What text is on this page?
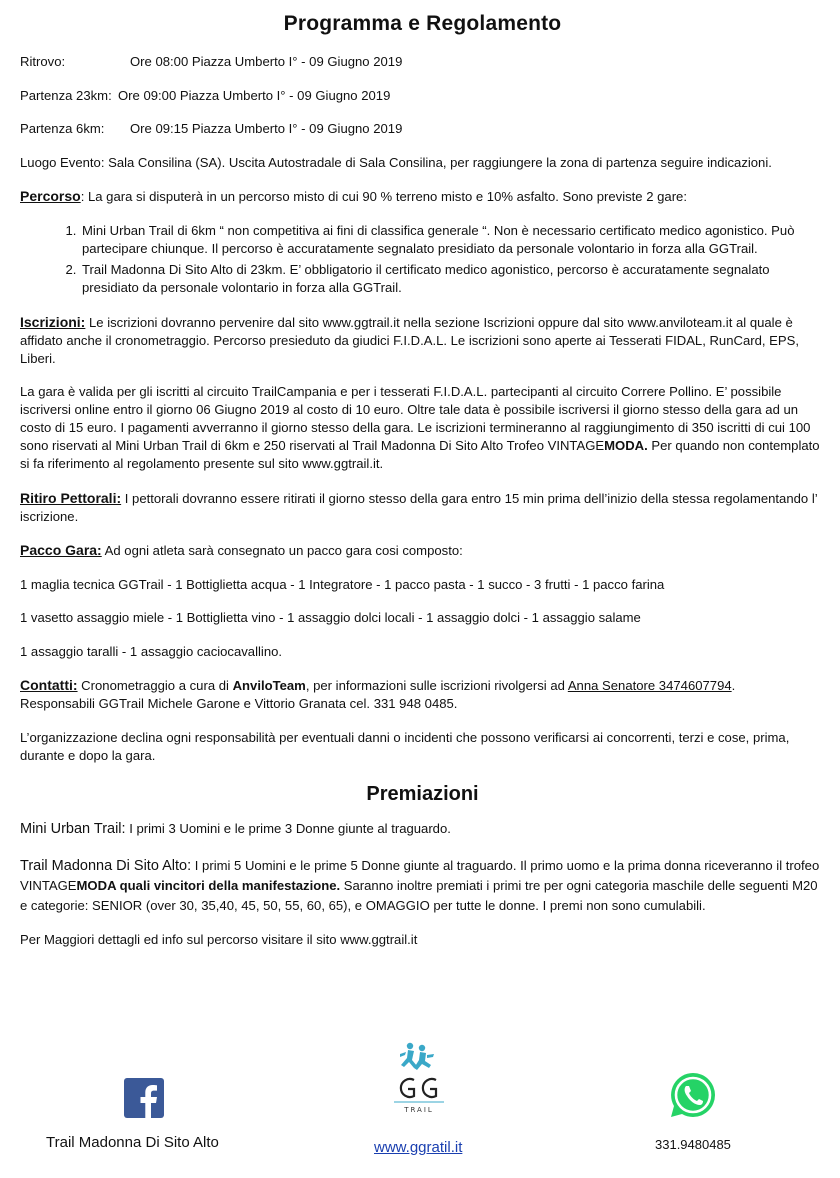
Programma e Regolamento
Ritrovo:	Ore 08:00 Piazza Umberto I° - 09 Giugno 2019
Partenza 23km: Ore 09:00 Piazza Umberto I° - 09 Giugno 2019
Partenza 6km:	Ore 09:15 Piazza Umberto I° - 09 Giugno 2019

Luogo Evento: Sala Consilina (SA). Uscita Autostradale di Sala Consilina, per raggiungere la zona di partenza seguire indicazioni.

Percorso: La gara si disputerà in un percorso misto di cui 90 % terreno misto e 10% asfalto. Sono previste 2 gare:

1. Mini Urban Trail di 6km “ non competitiva ai fini di classifica generale “. Non è necessario certificato medico agonistico. Può partecipare chiunque. Il percorso è accuratamente segnalato presidiato da personale volontario in forza alla GGTrail.
2. Trail Madonna Di Sito Alto di 23km. E’ obbligatorio il certificato medico agonistico, percorso è accuratamente segnalato presidiato da personale volontario in forza alla GGTrail.

Iscrizioni: Le iscrizioni dovranno pervenire dal sito www.ggtrail.it nella sezione Iscrizioni oppure dal sito www.anviloteam.it al quale è affidato anche il cronometraggio. Percorso presieduto da giudici F.I.D.A.L. Le iscrizioni sono aperte ai Tesserati FIDAL, RunCard, EPS, Liberi.

La gara è valida per gli iscritti al circuito TrailCampania e per i tesserati F.I.D.A.L. partecipanti al circuito Correre Pollino. E’ possibile iscriversi online entro il giorno 06 Giugno 2019 al costo di 10 euro. Oltre tale data è possibile iscriversi il giorno stesso della gara ad un costo di 15 euro. I pagamenti avverranno il giorno stesso della gara. Le iscrizioni termineranno al raggiungimento di 350 iscritti di cui 100 sono riservati al Mini Urban Trail di 6km e 250 riservati al Trail Madonna Di Sito Alto Trofeo VINTAGEMODA. Per quando non contemplato si fa riferimento al regolamento presente sul sito www.ggtrail.it.

Ritiro Pettorali: I pettorali dovranno essere ritirati il giorno stesso della gara entro 15 min prima dell’inizio della stessa regolamentando l’ iscrizione.

Pacco Gara: Ad ogni atleta sarà consegnato un pacco gara cosi composto:

1 maglia tecnica GGTrail - 1 Bottiglietta acqua - 1 Integratore - 1 pacco pasta - 1 succo - 3 frutti - 1 pacco farina

1 vasetto assaggio miele - 1 Bottiglietta vino - 1 assaggio dolci locali - 1 assaggio dolci - 1 assaggio salame

1 assaggio taralli - 1 assaggio caciocavallino.

Contatti: Cronometraggio a cura di AnviloTeam, per informazioni sulle iscrizioni rivolgersi ad Anna Senatore 3474607794.
Responsabili GGTrail Michele Garone e Vittorio Granata cel. 331 948 0485.

L’organizzazione declina ogni responsabilità per eventuali danni o incidenti che possono verificarsi ai concorrenti, terzi e cose, prima, durante e dopo la gara.

Premiazioni

Mini Urban Trail: I primi 3 Uomini e le prime 3 Donne giunte al traguardo.

Trail Madonna Di Sito Alto: I primi 5 Uomini e le prime 5 Donne giunte al traguardo. Il primo uomo e la prima donna riceveranno il trofeo VINTAGEMODA quali vincitori della manifestazione. Saranno inoltre premiati i primi tre per ogni categoria maschile delle seguenti M20 e categorie: SENIOR (over 30, 35,40, 45, 50, 55, 60, 65), e OMAGGIO per tutte le donne. I premi non sono cumulabili.

Per Maggiori dettagli ed info sul percorso visitare il sito www.ggtrail.it

TRAIL
Trail Madonna Di Sito Alto	www.ggratil.it	331.9480485
